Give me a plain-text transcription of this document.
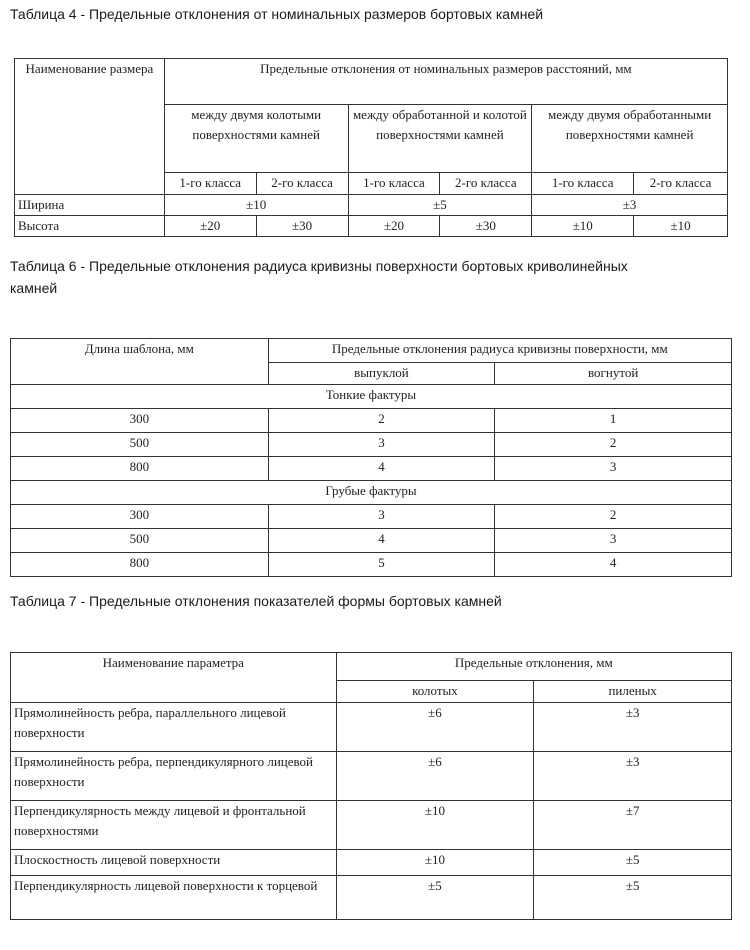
Таблица 4 - Предельные отклонения от номинальных размеров бортовых камней
Наименование размера	Предельные отклонения от номинальных размеров расстояний, мм					
	между двумя колотыми поверхностями камней		между обработанной и колотой поверхностями камней		между двумя обработанными поверхностями камней	
	1-го класса	2-го класса	1-го класса	2-го класса	1-го класса	2-го класса
Ширина	±10		±5		±3	
Высота	±20	±30	±20	±30	±10	±10
Таблица 6 - Предельные отклонения радиуса кривизны поверхности бортовых криволинейных камней
Длина шаблона, мм	Предельные отклонения радиуса кривизны поверхности, мм	
	выпуклой	вогнутой
Тонкие фактуры		
300	2	1
500	3	2
800	4	3
Грубые фактуры		
300	3	2
500	4	3
800	5	4
Таблица 7 - Предельные отклонения показателей формы бортовых камней
Наименование параметра	Предельные отклонения, мм	
	колотых	пиленых
Прямолинейность ребра, параллельного лицевой поверхности	±6	±3
Прямолинейность ребра, перпендикулярного лицевой поверхности	±6	±3
Перпендикулярность между лицевой и фронтальной поверхностями	±10	±7
Плоскостность лицевой поверхности	±10	±5
Перпендикулярность лицевой поверхности к торцевой	±5	±5
